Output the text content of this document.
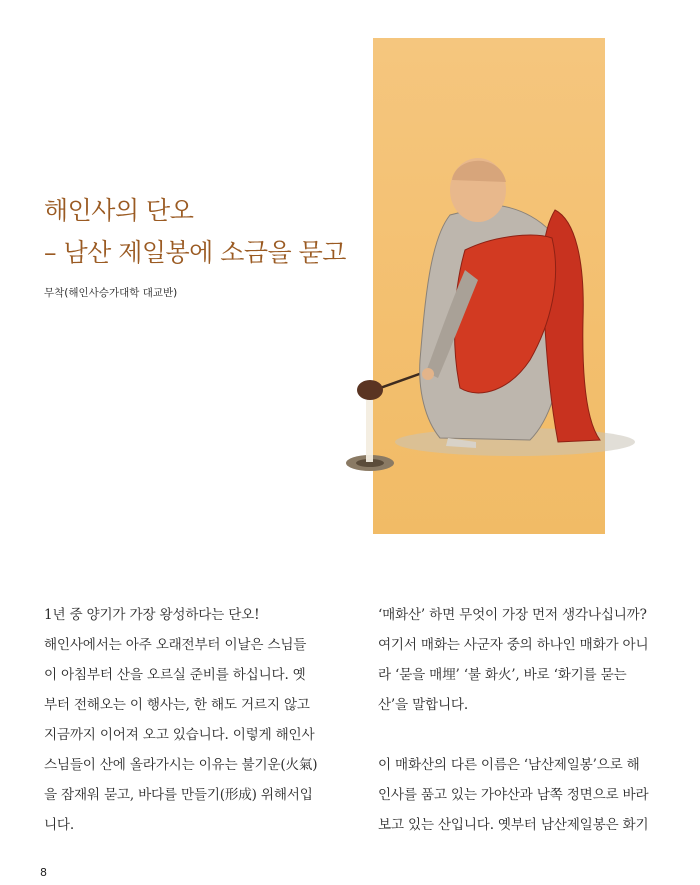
해인사의 단오
– 남산 제일봉에 소금을 묻고
무착(해인사승가대학 대교반)

1년 중 양기가 가장 왕성하다는 단오!

해인사에서는 아주 오래전부터 이날은 스님들

이 아침부터 산을 오르실 준비를 하십니다. 옛

부터 전해오는 이 행사는, 한 해도 거르지 않고

지금까지 이어져 오고 있습니다. 이렇게 해인사

스님들이 산에 올라가시는 이유는 불기운(火氣)

을 잠재워 묻고, 바다를 만들기(形成) 위해서입

니다.

‘매화산’ 하면 무엇이 가장 먼저 생각나십니까?

여기서 매화는 사군자 중의 하나인 매화가 아니

라 ‘묻을 매埋’ ‘불 화火’, 바로 ‘화기를 묻는

산’을 말합니다.

이 매화산의 다른 이름은 ‘남산제일봉’으로 해

인사를 품고 있는 가야산과 남쪽 정면으로 바라

보고 있는 산입니다. 옛부터 남산제일봉은 화기

8
